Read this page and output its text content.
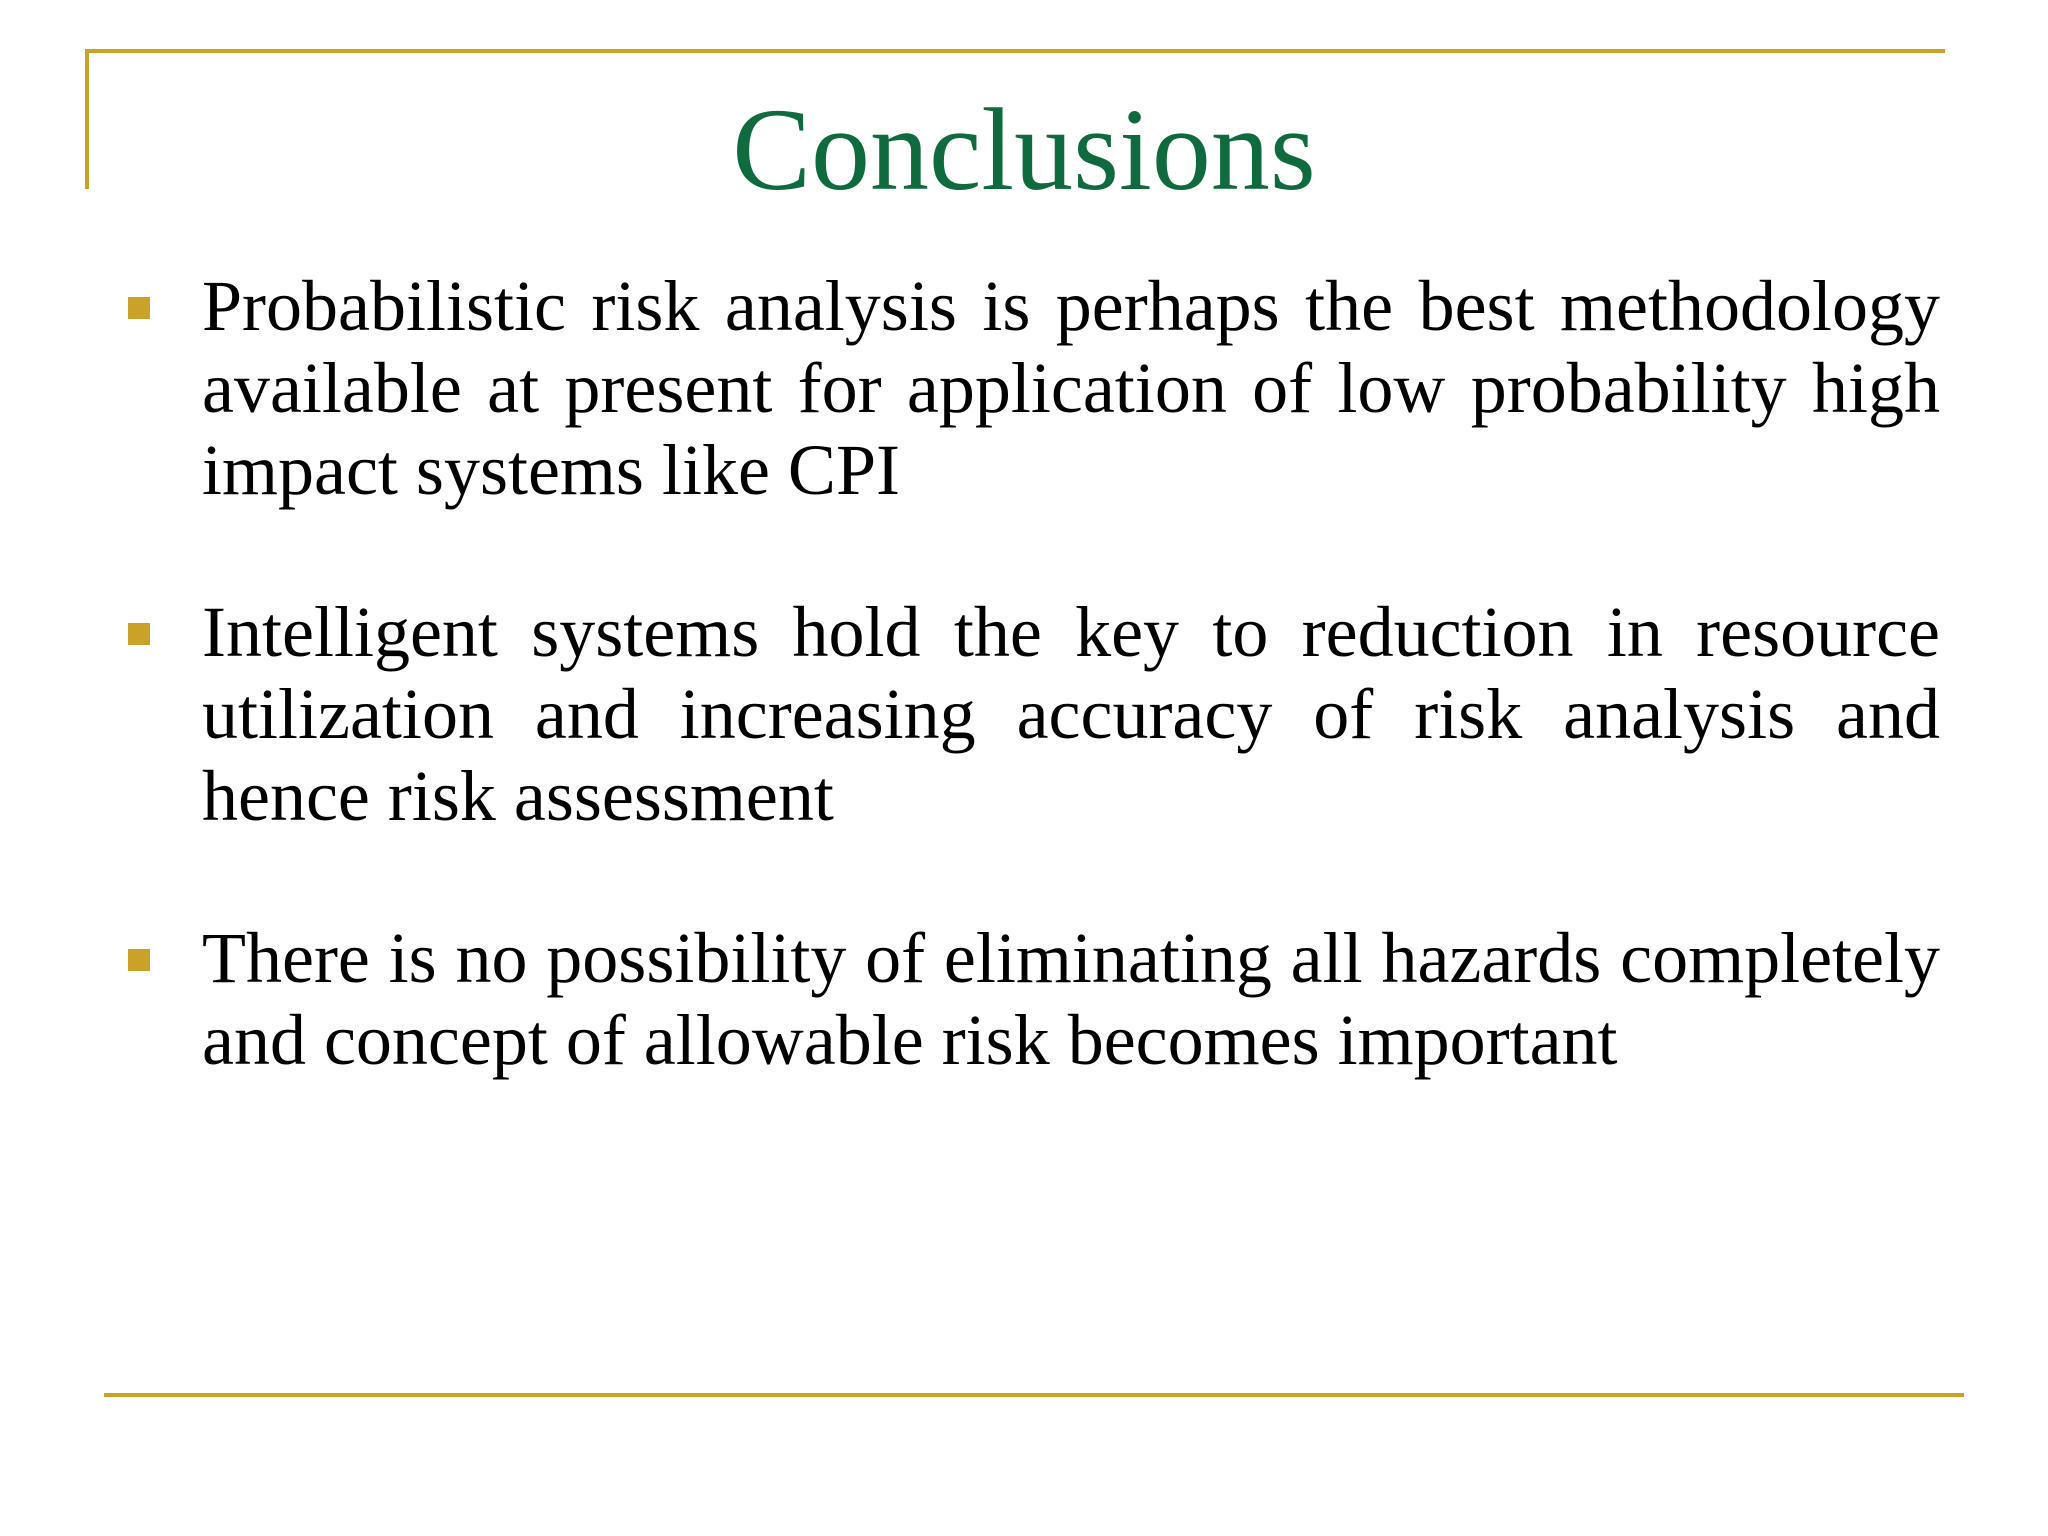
Conclusions
Probabilistic risk analysis is perhaps the best methodology available at present for application of low probability high impact systems like CPI
Intelligent systems hold the key to reduction in resource utilization and increasing accuracy of risk analysis and hence risk assessment
There is no possibility of eliminating all hazards completely and concept of allowable risk becomes important
